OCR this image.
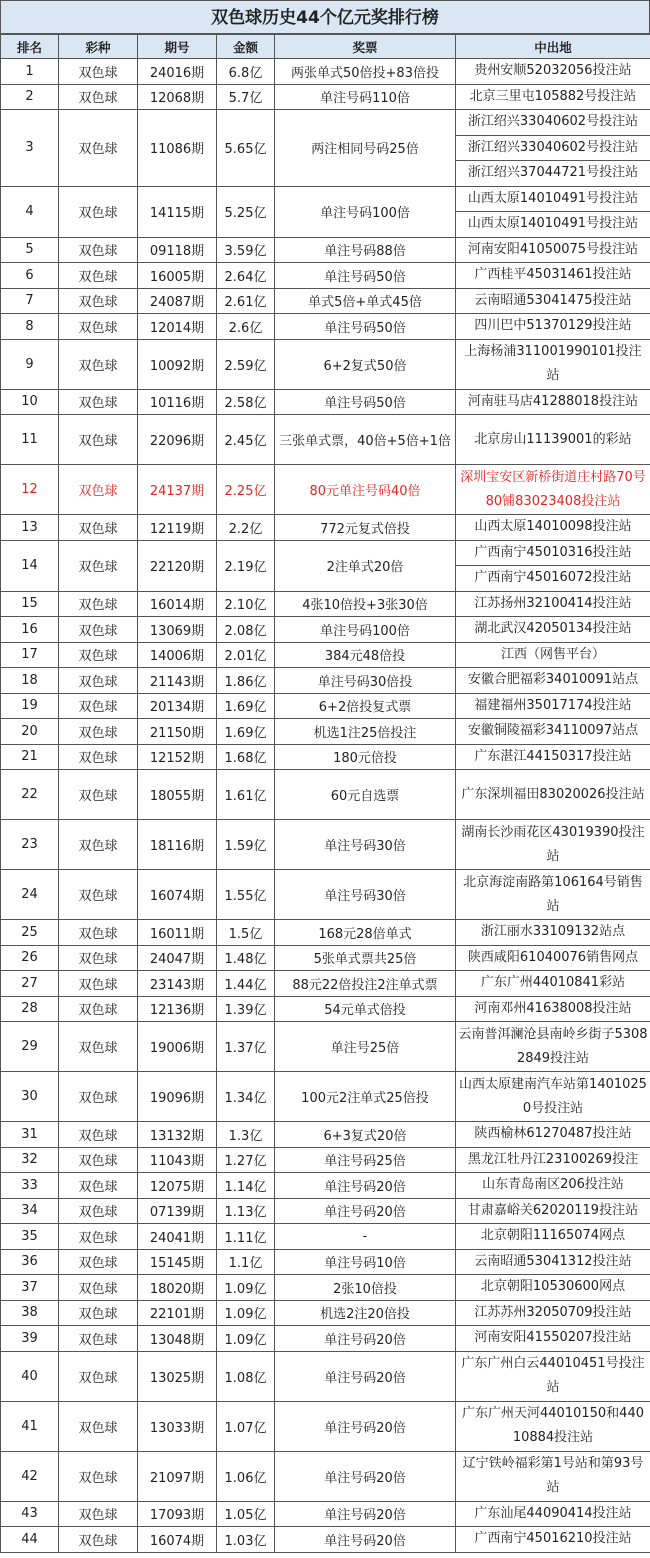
双色球历史44个亿元奖排行榜
排名	彩种	期号	金额	奖票	中出地
1	双色球	24016期	6.8亿	两张单式50倍投+83倍投	贵州安顺52032056投注站
2	双色球	12068期	5.7亿	单注号码110倍	北京三里屯105882号投注站
3	双色球	11086期	5.65亿	两注相同号码25倍	浙江绍兴33040602号投注站
					浙江绍兴33040602号投注站
					浙江绍兴37044721号投注站
4	双色球	14115期	5.25亿	单注号码100倍	山西太原14010491号投注站
					山西太原14010491号投注站
5	双色球	09118期	3.59亿	单注号码88倍	河南安阳41050075号投注站
6	双色球	16005期	2.64亿	单注号码50倍	广西桂平45031461投注站
7	双色球	24087期	2.61亿	单式5倍+单式45倍	云南昭通53041475投注站
8	双色球	12014期	2.6亿	单注号码50倍	四川巴中51370129投注站
9	双色球	10092期	2.59亿	6+2复式50倍	上海杨浦311001990101投注站
10	双色球	10116期	2.58亿	单注号码50倍	河南驻马店41288018投注站
11	双色球	22096期	2.45亿	三张单式票，40倍+5倍+1倍	北京房山11139001的彩站
12	双色球	24137期	2.25亿	80元单注号码40倍	深圳宝安区新桥街道庄村路70号80铺83023408投注站
13	双色球	12119期	2.2亿	772元复式倍投	山西太原14010098投注站
14	双色球	22120期	2.19亿	2注单式20倍	广西南宁45010316投注站
					广西南宁45016072投注站
15	双色球	16014期	2.10亿	4张10倍投+3张30倍	江苏扬州32100414投注站
16	双色球	13069期	2.08亿	单注号码100倍	湖北武汉42050134投注站
17	双色球	14006期	2.01亿	384元48倍投	江西（网售平台）
18	双色球	21143期	1.86亿	单注号码30倍投	安徽合肥福彩34010091站点
19	双色球	20134期	1.69亿	6+2倍投复式票	福建福州35017174投注站
20	双色球	21150期	1.69亿	机选1注25倍投注	安徽铜陵福彩34110097站点
21	双色球	12152期	1.68亿	180元倍投	广东湛江44150317投注站
22	双色球	18055期	1.61亿	60元自选票	广东深圳福田83020026投注站
23	双色球	18116期	1.59亿	单注号码30倍	湖南长沙雨花区43019390投注站
24	双色球	16074期	1.55亿	单注号码30倍	北京海淀南路第106164号销售站
25	双色球	16011期	1.5亿	168元28倍单式	浙江丽水33109132站点
26	双色球	24047期	1.48亿	5张单式票共25倍	陕西咸阳61040076销售网点
27	双色球	23143期	1.44亿	88元22倍投注2注单式票	广东广州44010841彩站
28	双色球	12136期	1.39亿	54元单式倍投	河南邓州41638008投注站
29	双色球	19006期	1.37亿	单注号25倍	云南普洱澜沧县南岭乡街子53082849投注站
30	双色球	19096期	1.34亿	100元2注单式25倍投	山西太原建南汽车站第14010250号投注站
31	双色球	13132期	1.3亿	6+3复式20倍	陕西榆林61270487投注站
32	双色球	11043期	1.27亿	单注号码25倍	黑龙江牡丹江23100269投注
33	双色球	12075期	1.14亿	单注号码20倍	山东青岛南区206投注站
34	双色球	07139期	1.13亿	单注号码20倍	甘肃嘉峪关62020119投注站
35	双色球	24041期	1.11亿	-	北京朝阳11165074网点
36	双色球	15145期	1.1亿	单注号码10倍	云南昭通53041312投注站
37	双色球	18020期	1.09亿	2张10倍投	北京朝阳10530600网点
38	双色球	22101期	1.09亿	机选2注20倍投	江苏苏州32050709投注站
39	双色球	13048期	1.09亿	单注号码20倍	河南安阳41550207投注站
40	双色球	13025期	1.08亿	单注号码20倍	广东广州白云44010451号投注站
41	双色球	13033期	1.07亿	单注号码20倍	广东广州天河44010150和44010884投注站
42	双色球	21097期	1.06亿	单注号码20倍	辽宁铁岭福彩第1号站和第93号站
43	双色球	17093期	1.05亿	单注号码20倍	广东汕尾44090414投注站
44	双色球	16074期	1.03亿	单注号码20倍	广西南宁45016210投注站
